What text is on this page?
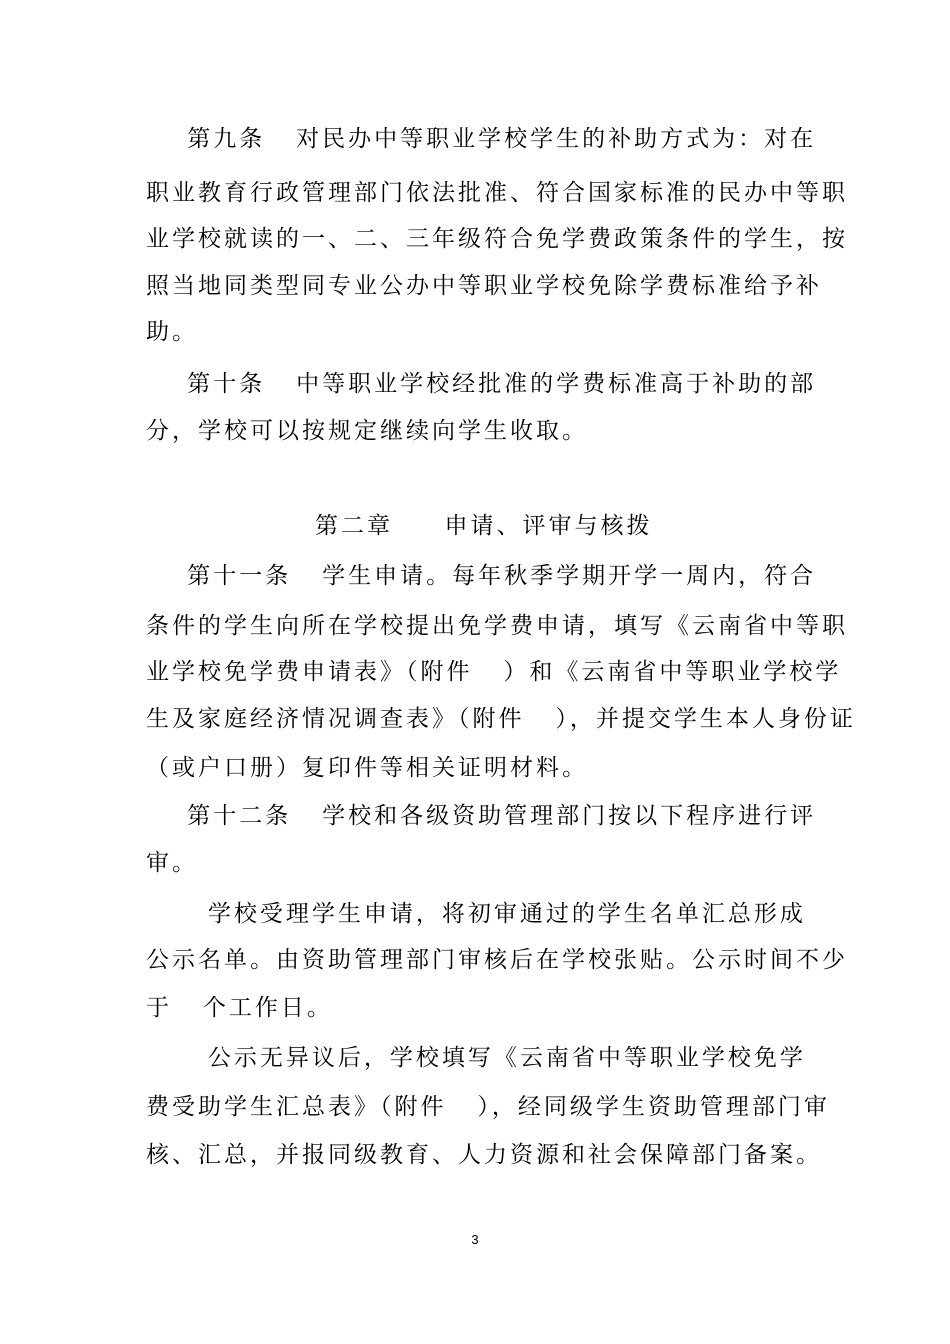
第九条   对民办中等职业学校学生的补助方式为：对在
职业教育行政管理部门依法批准、符合国家标准的民办中等职
业学校就读的一、二、三年级符合免学费政策条件的学生，按
照当地同类型同专业公办中等职业学校免除学费标准给予补
助。
第十条   中等职业学校经批准的学费标准高于补助的部
分，学校可以按规定继续向学生收取。
第二章     申请、评审与核拨
第十一条   学生申请。每年秋季学期开学一周内，符合
条件的学生向所在学校提出免学费申请，填写《云南省中等职
业学校免学费申请表》（附件   ）和《云南省中等职业学校学
生及家庭经济情况调查表》（附件   ），并提交学生本人身份证
（或户口册）复印件等相关证明材料。
第十二条   学校和各级资助管理部门按以下程序进行评
审。
学校受理学生申请，将初审通过的学生名单汇总形成
公示名单。由资助管理部门审核后在学校张贴。公示时间不少
于   个工作日。
公示无异议后，学校填写《云南省中等职业学校免学
费受助学生汇总表》（附件   ），经同级学生资助管理部门审
核、汇总，并报同级教育、人力资源和社会保障部门备案。
3
